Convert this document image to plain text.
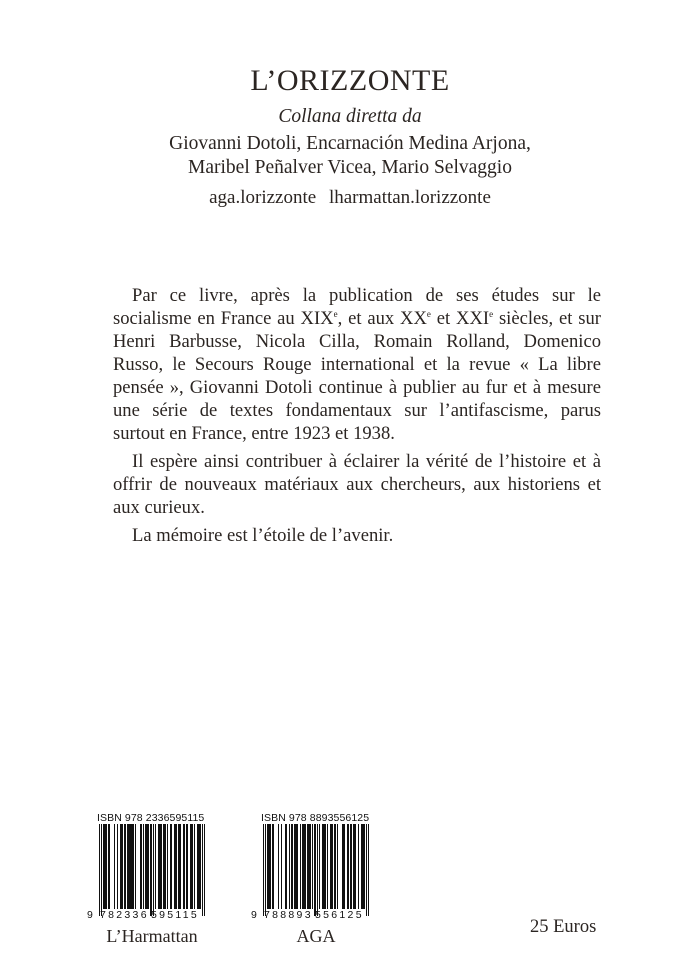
L’ORIZZONTE
Collana diretta da
Giovanni Dotoli, Encarnación Medina Arjona,
Maribel Peñalver Vicea, Mario Selvaggio
aga.lorizzonte lharmattan.lorizzonte

Par ce livre, après la publication de ses études sur le socialisme en France au XIXe, et aux XXe et XXIe siècles, et sur Henri Barbusse, Nicola Cilla, Romain Rolland, Domenico Russo, le Secours Rouge international et la revue « La libre pensée », Giovanni Dotoli continue à publier au fur et à mesure une série de textes fondamentaux sur l’antifascisme, parus surtout en France, entre 1923 et 1938.

Il espère ainsi contribuer à éclairer la vérité de l’histoire et à offrir de nouveaux matériaux aux chercheurs, aux historiens et aux curieux.

La mémoire est l’étoile de l’avenir.

ISBN 978 2336595115
9 782336 595115
L’Harmattan
ISBN 978 8893556125
9 788893 556125
AGA	25 Euros
